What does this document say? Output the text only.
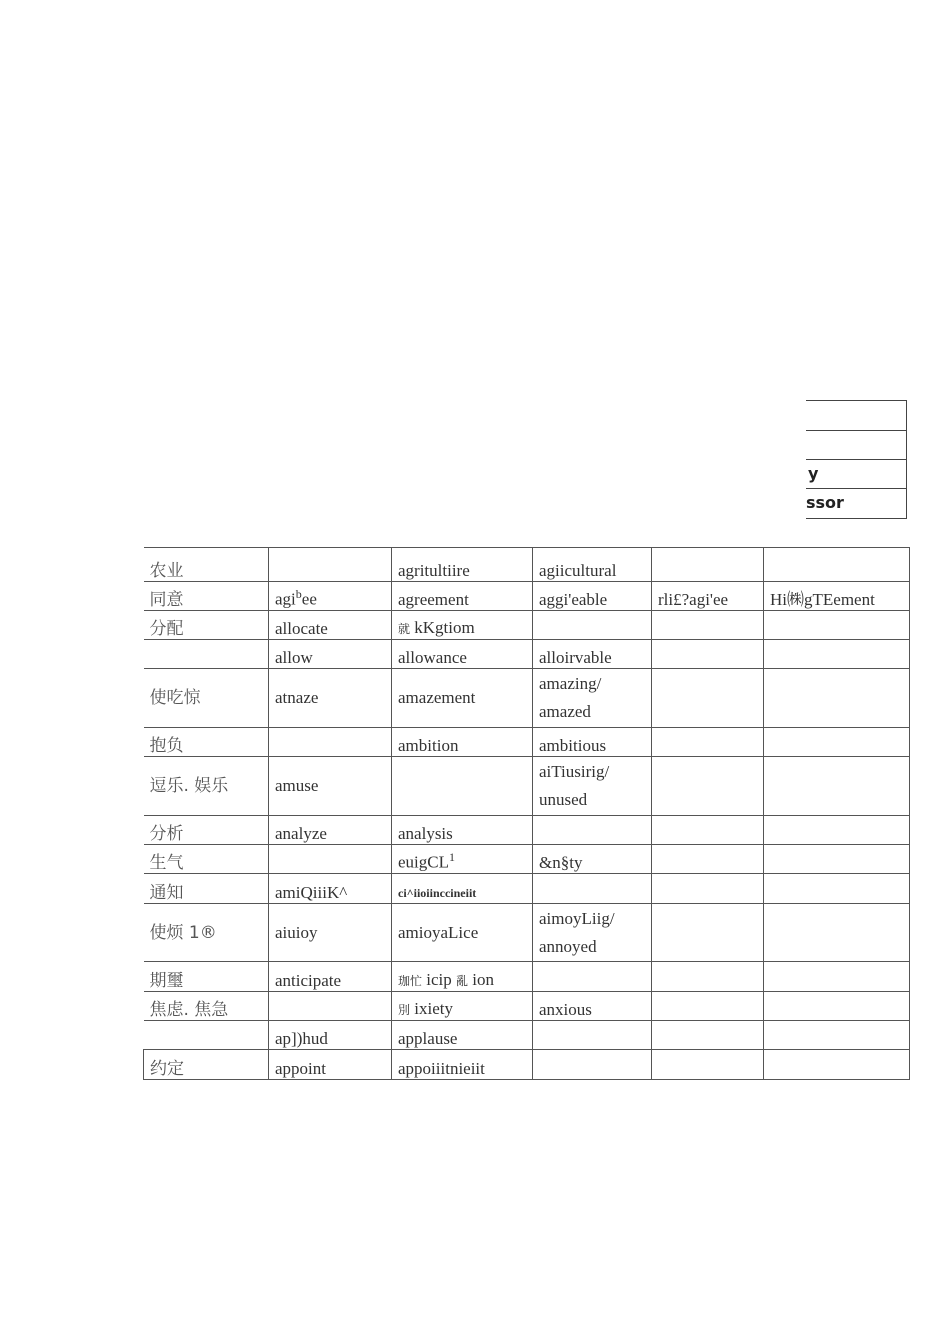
y
ssor
农业		agritultiire	agiicultural		
同意	agi$^b$ee	agreement	aggi'eable	rli£?agi'ee	Hi㈱gTEement
分配	allocate	就 kKgtiom			
	allow	allowance	alloirvable		
使吃惊	atnaze	amazement	amazing/
amazed		

抱负		ambition	ambitious		
逗乐. 娱乐	amuse		aiTiusirig/
unused		

分析	analyze	analysis			
生气		euigCL$^1$	&n§ty		
通知	amiQiiiK^	ci^iioiinccineiit			
使烦 1®	aiuioy	amioyaLice	aimoyLiig/
annoyed		

期璽	anticipate	珈忙 icip 亂 ion			
焦虑. 焦急		別 ixiety	anxious		
	ap])hud	applause			
约定	appoint	appoiiitnieiit			
